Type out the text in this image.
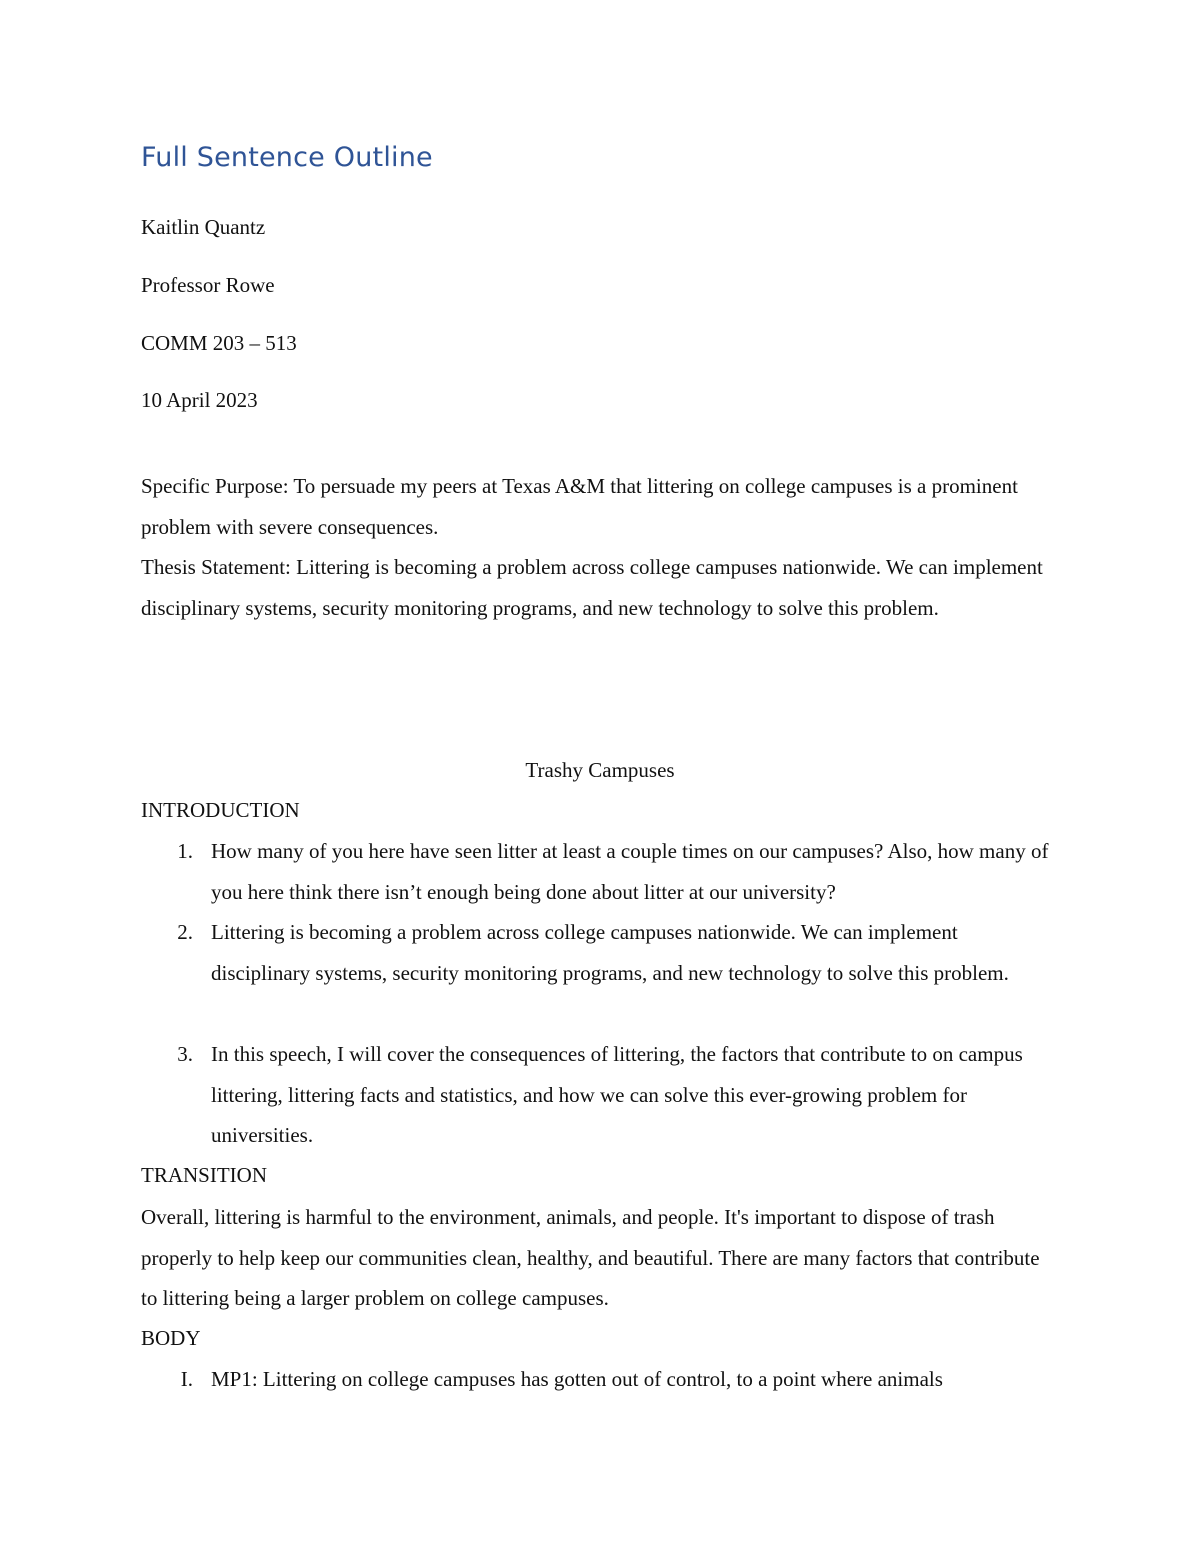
Full Sentence Outline

Kaitlin Quantz

Professor Rowe

COMM 203 – 513

10 April 2023

Specific Purpose: To persuade my peers at Texas A&M that littering on college campuses is a prominent problem with severe consequences.

Thesis Statement: Littering is becoming a problem across college campuses nationwide. We can implement disciplinary systems, security monitoring programs, and new technology to solve this problem.

Trashy Campuses

INTRODUCTION

1. How many of you here have seen litter at least a couple times on our campuses? Also, how many of you here think there isn’t enough being done about litter at our university?
2. Littering is becoming a problem across college campuses nationwide. We can implement disciplinary systems, security monitoring programs, and new technology to solve this problem.
3. In this speech, I will cover the consequences of littering, the factors that contribute to on campus littering, littering facts and statistics, and how we can solve this ever-growing problem for universities.

TRANSITION

Overall, littering is harmful to the environment, animals, and people. It's important to dispose of trash properly to help keep our communities clean, healthy, and beautiful. There are many factors that contribute to littering being a larger problem on college campuses.

BODY

I. MP1: Littering on college campuses has gotten out of control, to a point where animals
